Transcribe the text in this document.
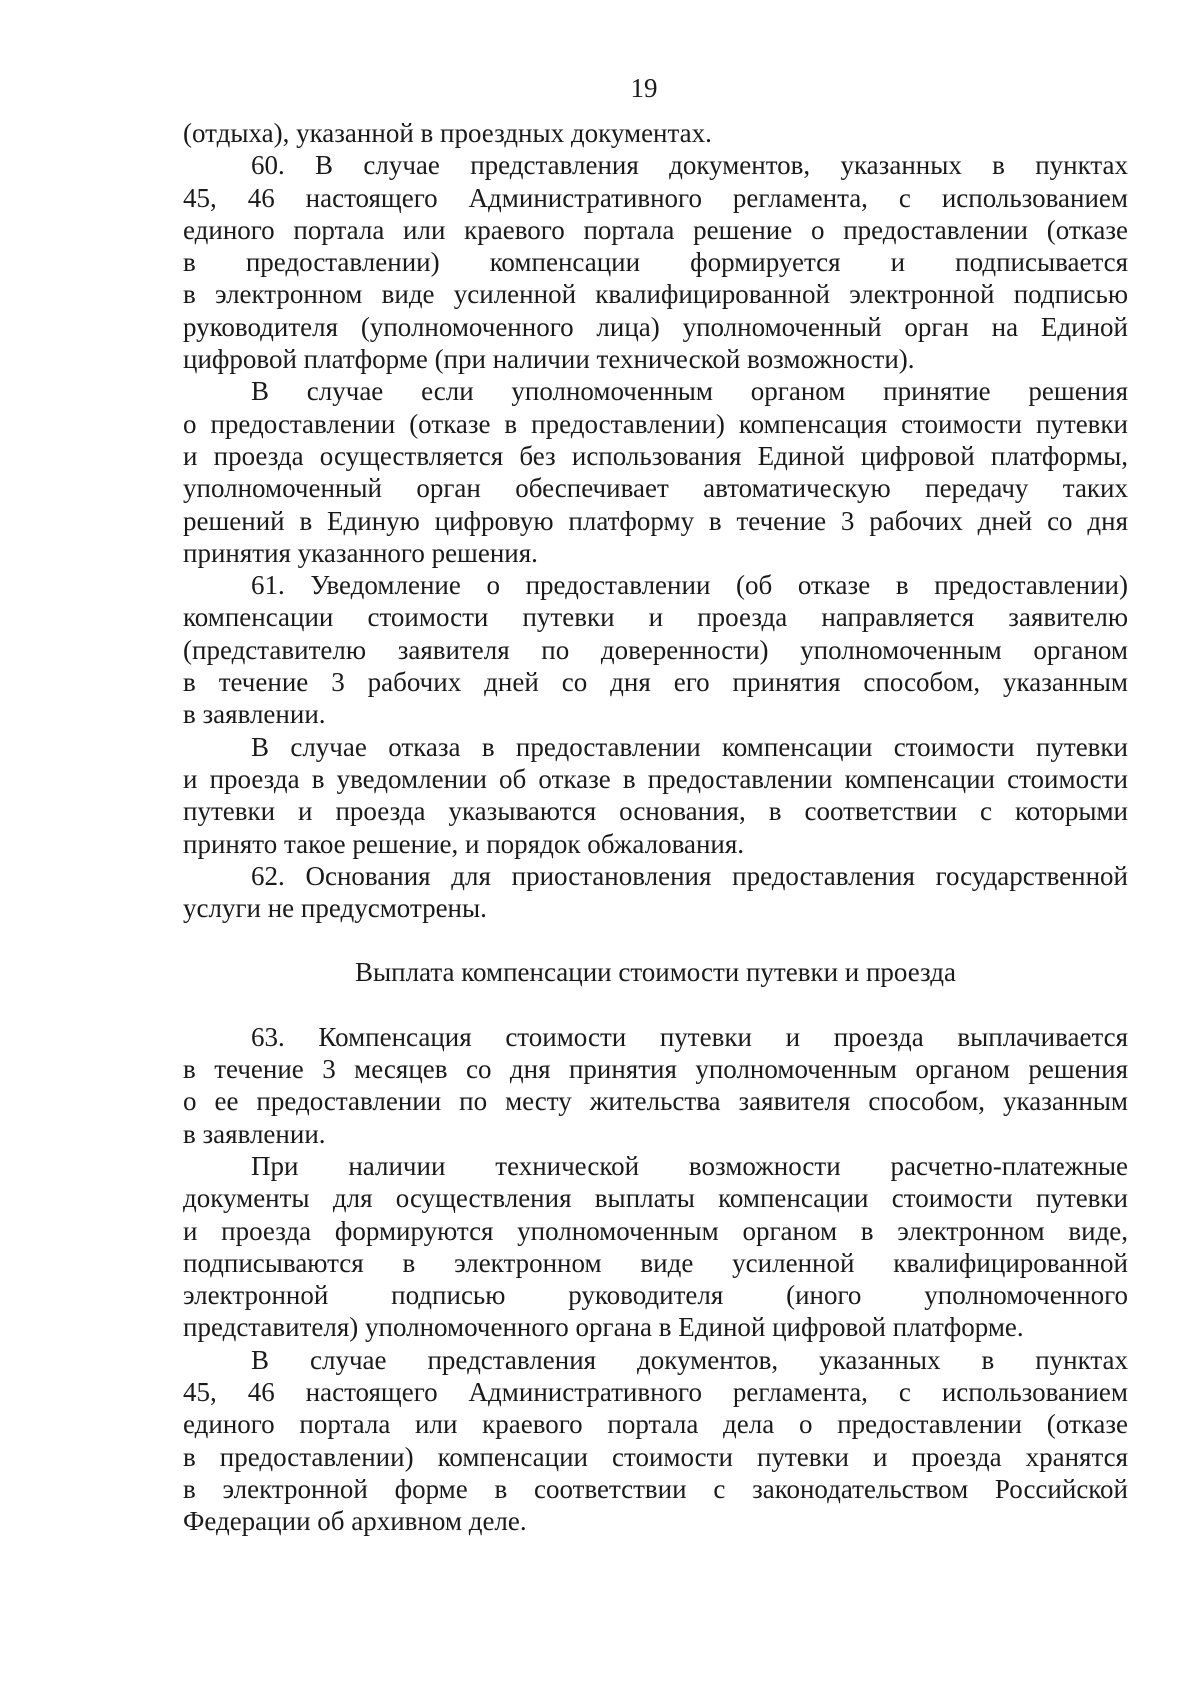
19
(отдыха), указанной в проездных документах.
60. В случае представления документов, указанных в пунктах
45, 46 настоящего Административного регламента, с использованием
единого портала или краевого портала решение о предоставлении (отказе
в предоставлении) компенсации формируется и подписывается
в электронном виде усиленной квалифицированной электронной подписью
руководителя (уполномоченного лица) уполномоченный орган на Единой
цифровой платформе (при наличии технической возможности).
В случае если уполномоченным органом принятие решения
о предоставлении (отказе в предоставлении) компенсация стоимости путевки
и проезда осуществляется без использования Единой цифровой платформы,
уполномоченный орган обеспечивает автоматическую передачу таких
решений в Единую цифровую платформу в течение 3 рабочих дней со дня
принятия указанного решения.
61. Уведомление о предоставлении (об отказе в предоставлении)
компенсации стоимости путевки и проезда направляется заявителю
(представителю заявителя по доверенности) уполномоченным органом
в течение 3 рабочих дней со дня его принятия способом, указанным
в заявлении.
В случае отказа в предоставлении компенсации стоимости путевки
и проезда в уведомлении об отказе в предоставлении компенсации стоимости
путевки и проезда указываются основания, в соответствии с которыми
принято такое решение, и порядок обжалования.
62. Основания для приостановления предоставления государственной
услуги не предусмотрены.
Выплата компенсации стоимости путевки и проезда
63. Компенсация стоимости путевки и проезда выплачивается
в течение 3 месяцев со дня принятия уполномоченным органом решения
о ее предоставлении по месту жительства заявителя способом, указанным
в заявлении.
При наличии технической возможности расчетно-платежные
документы для осуществления выплаты компенсации стоимости путевки
и проезда формируются уполномоченным органом в электронном виде,
подписываются в электронном виде усиленной квалифицированной
электронной подписью руководителя (иного уполномоченного
представителя) уполномоченного органа в Единой цифровой платформе.
В случае представления документов, указанных в пунктах
45, 46 настоящего Административного регламента, с использованием
единого портала или краевого портала дела о предоставлении (отказе
в предоставлении) компенсации стоимости путевки и проезда хранятся
в электронной форме в соответствии с законодательством Российской
Федерации об архивном деле.
